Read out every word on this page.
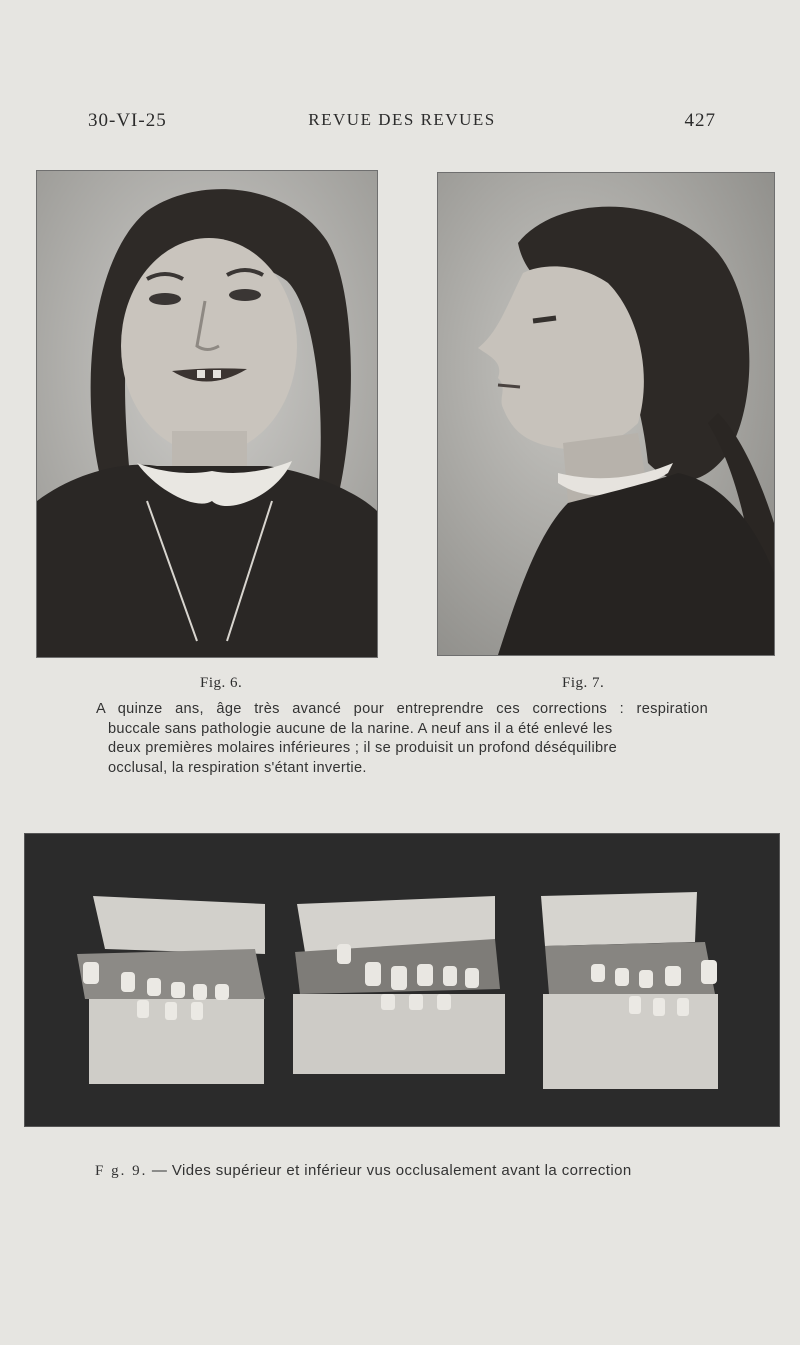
30-VI-25	REVUE DES REVUES	427
Fig. 6.	Fig. 7.

A quinze ans, âge très avancé pour entreprendre ces corrections : respiration

buccale sans pathologie aucune de la narine. A neuf ans il a été enlevé les

deux premières molaires inférieures ; il se produisit un profond déséquilibre

occlusal, la respiration s'étant invertie.

F g. 9. — Vides supérieur et inférieur vus occlusalement avant la correction
